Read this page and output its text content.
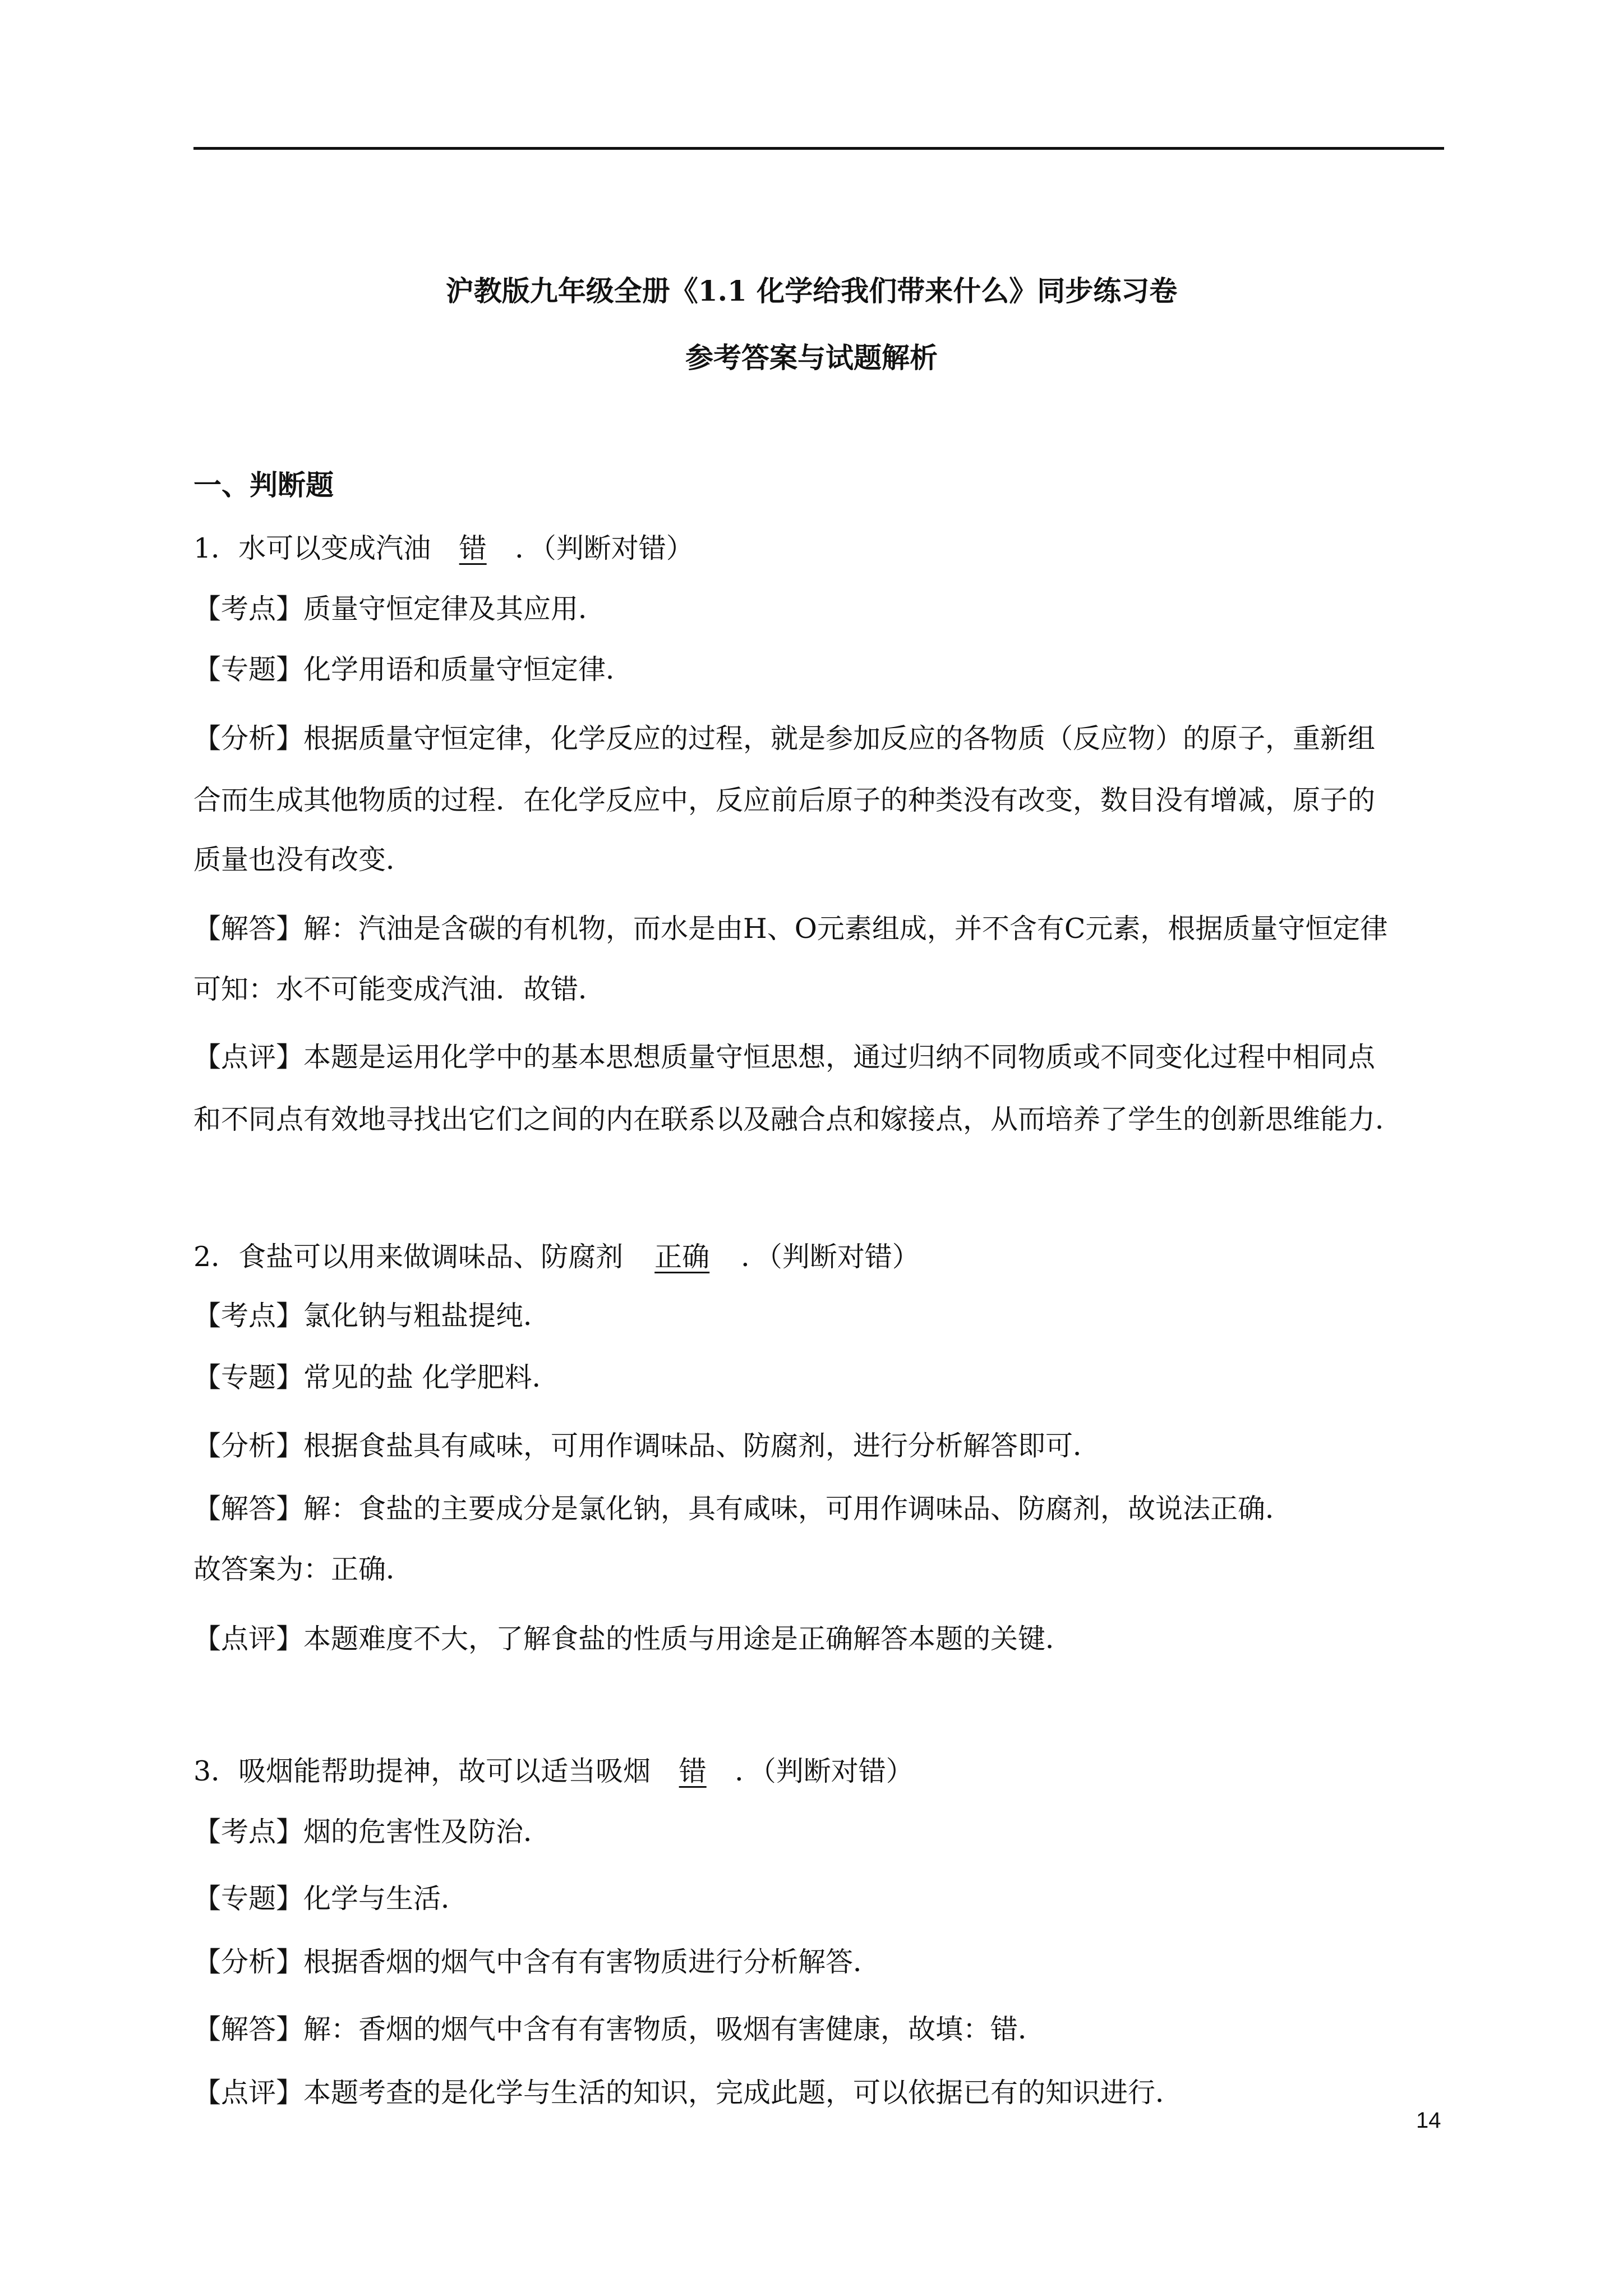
沪教版九年级全册《1.1 化学给我们带来什么》同步练习卷
参考答案与试题解析
一、判断题
1．水可以变成汽油 错 ．（判断对错）
【考点】质量守恒定律及其应用．
【专题】化学用语和质量守恒定律．
【分析】根据质量守恒定律，化学反应的过程，就是参加反应的各物质（反应物）的原子，重新组
合而生成其他物质的过程．在化学反应中，反应前后原子的种类没有改变，数目没有增减，原子的
质量也没有改变．
【解答】解：汽油是含碳的有机物，而水是由H、O元素组成，并不含有C元素，根据质量守恒定律
可知：水不可能变成汽油．故错．
【点评】本题是运用化学中的基本思想质量守恒思想，通过归纳不同物质或不同变化过程中相同点
和不同点有效地寻找出它们之间的内在联系以及融合点和嫁接点，从而培养了学生的创新思维能力．
2．食盐可以用来做调味品、防腐剂 正确 ．（判断对错）
【考点】氯化钠与粗盐提纯．
【专题】常见的盐 化学肥料．
【分析】根据食盐具有咸味，可用作调味品、防腐剂，进行分析解答即可．
【解答】解：食盐的主要成分是氯化钠，具有咸味，可用作调味品、防腐剂，故说法正确．
故答案为：正确．
【点评】本题难度不大，了解食盐的性质与用途是正确解答本题的关键．
3．吸烟能帮助提神，故可以适当吸烟 错 ．（判断对错）
【考点】烟的危害性及防治．
【专题】化学与生活．
【分析】根据香烟的烟气中含有有害物质进行分析解答．
【解答】解：香烟的烟气中含有有害物质，吸烟有害健康，故填：错．
【点评】本题考查的是化学与生活的知识，完成此题，可以依据已有的知识进行．
14
